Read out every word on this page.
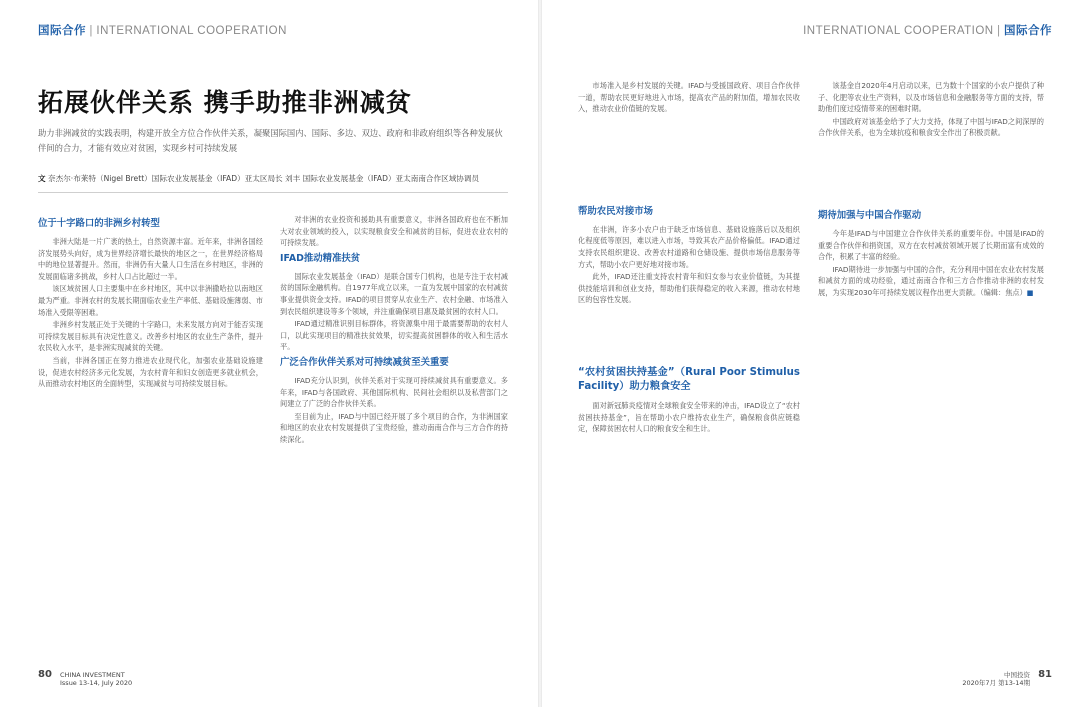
国际合作 | INTERNATIONAL COOPERATION
拓展伙伴关系 携手助推非洲减贫

助力非洲减贫的实践表明，构建开放全方位合作伙伴关系，凝聚国际国内、国际、多边、双边、政府和非政府组织等各种发展伙伴间的合力，才能有效应对贫困，实现乡村可持续发展

文 奈杰尔·布莱特（Nigel Brett）国际农业发展基金（IFAD）亚太区局长 刘丰 国际农业发展基金（IFAD）亚太南南合作区域协调员
位于十字路口的非洲乡村转型

非洲大陆是一片广袤的热土，自然资源丰富。近年来，非洲各国经济发展势头向好，成为世界经济增长最快的地区之一，在世界经济格局中的地位显著提升。然而，非洲仍有大量人口生活在乡村地区，非洲的发展面临诸多挑战，乡村人口占比超过一半。

该区域贫困人口主要集中在乡村地区，其中以非洲撒哈拉以南地区最为严重。非洲农村的发展长期面临农业生产率低、基础设施薄弱、市场准入受限等困难。

非洲乡村发展正处于关键的十字路口，未来发展方向对于能否实现可持续发展目标具有决定性意义。改善乡村地区的农业生产条件，提升农民收入水平，是非洲实现减贫的关键。

当前，非洲各国正在努力推进农业现代化，加强农业基础设施建设，促进农村经济多元化发展，为农村青年和妇女创造更多就业机会，从而推动农村地区的全面转型，实现减贫与可持续发展目标。

对非洲的农业投资和援助具有重要意义，非洲各国政府也在不断加大对农业领域的投入，以实现粮食安全和减贫的目标，促进农业农村的可持续发展。

IFAD推动精准扶贫

国际农业发展基金（IFAD）是联合国专门机构，也是专注于农村减贫的国际金融机构。自1977年成立以来，一直为发展中国家的农村减贫事业提供资金支持。IFAD的项目贯穿从农业生产、农村金融、市场准入到农民组织建设等多个领域，并注重确保项目惠及最贫困的农村人口。

IFAD通过精准识别目标群体，将资源集中用于最需要帮助的农村人口，以此实现项目的精准扶贫效果，切实提高贫困群体的收入和生活水平。

广泛合作伙伴关系对可持续减贫至关重要

IFAD充分认识到，伙伴关系对于实现可持续减贫具有重要意义。多年来，IFAD与各国政府、其他国际机构、民间社会组织以及私营部门之间建立了广泛的合作伙伴关系。

至目前为止，IFAD与中国已经开展了多个项目的合作，为非洲国家和地区的农业农村发展提供了宝贵经验，推动南南合作与三方合作的持续深化。

80 CHINA INVESTMENT
Issue 13-14, July 2020
INTERNATIONAL COOPERATION | 国际合作

市场准入是乡村发展的关键。IFAD与受援国政府、项目合作伙伴一道，帮助农民更好地进入市场，提高农产品的附加值，增加农民收入，推动农业价值链的发展。

帮助农民对接市场

在非洲，许多小农户由于缺乏市场信息、基础设施落后以及组织化程度低等原因，难以进入市场，导致其农产品价格偏低。IFAD通过支持农民组织建设、改善农村道路和仓储设施、提供市场信息服务等方式，帮助小农户更好地对接市场。

此外，IFAD还注重支持农村青年和妇女参与农业价值链，为其提供技能培训和创业支持，帮助他们获得稳定的收入来源，推动农村地区的包容性发展。

“农村贫困扶持基金”（Rural Poor Stimulus Facility）助力粮食安全

面对新冠肺炎疫情对全球粮食安全带来的冲击，IFAD设立了“农村贫困扶持基金”，旨在帮助小农户维持农业生产，确保粮食供应链稳定，保障贫困农村人口的粮食安全和生计。

该基金自2020年4月启动以来，已为数十个国家的小农户提供了种子、化肥等农业生产资料，以及市场信息和金融服务等方面的支持，帮助他们度过疫情带来的困难时期。

中国政府对该基金给予了大力支持，体现了中国与IFAD之间深厚的合作伙伴关系，也为全球抗疫和粮食安全作出了积极贡献。

期待加强与中国合作驱动

今年是IFAD与中国建立合作伙伴关系的重要年份。中国是IFAD的重要合作伙伴和捐资国，双方在农村减贫领域开展了长期而富有成效的合作，积累了丰富的经验。

IFAD期待进一步加强与中国的合作，充分利用中国在农业农村发展和减贫方面的成功经验，通过南南合作和三方合作推动非洲的农村发展，为实现2030年可持续发展议程作出更大贡献。（编辑：焦点）■

中国投资
2020年7月 第13-14期 81
